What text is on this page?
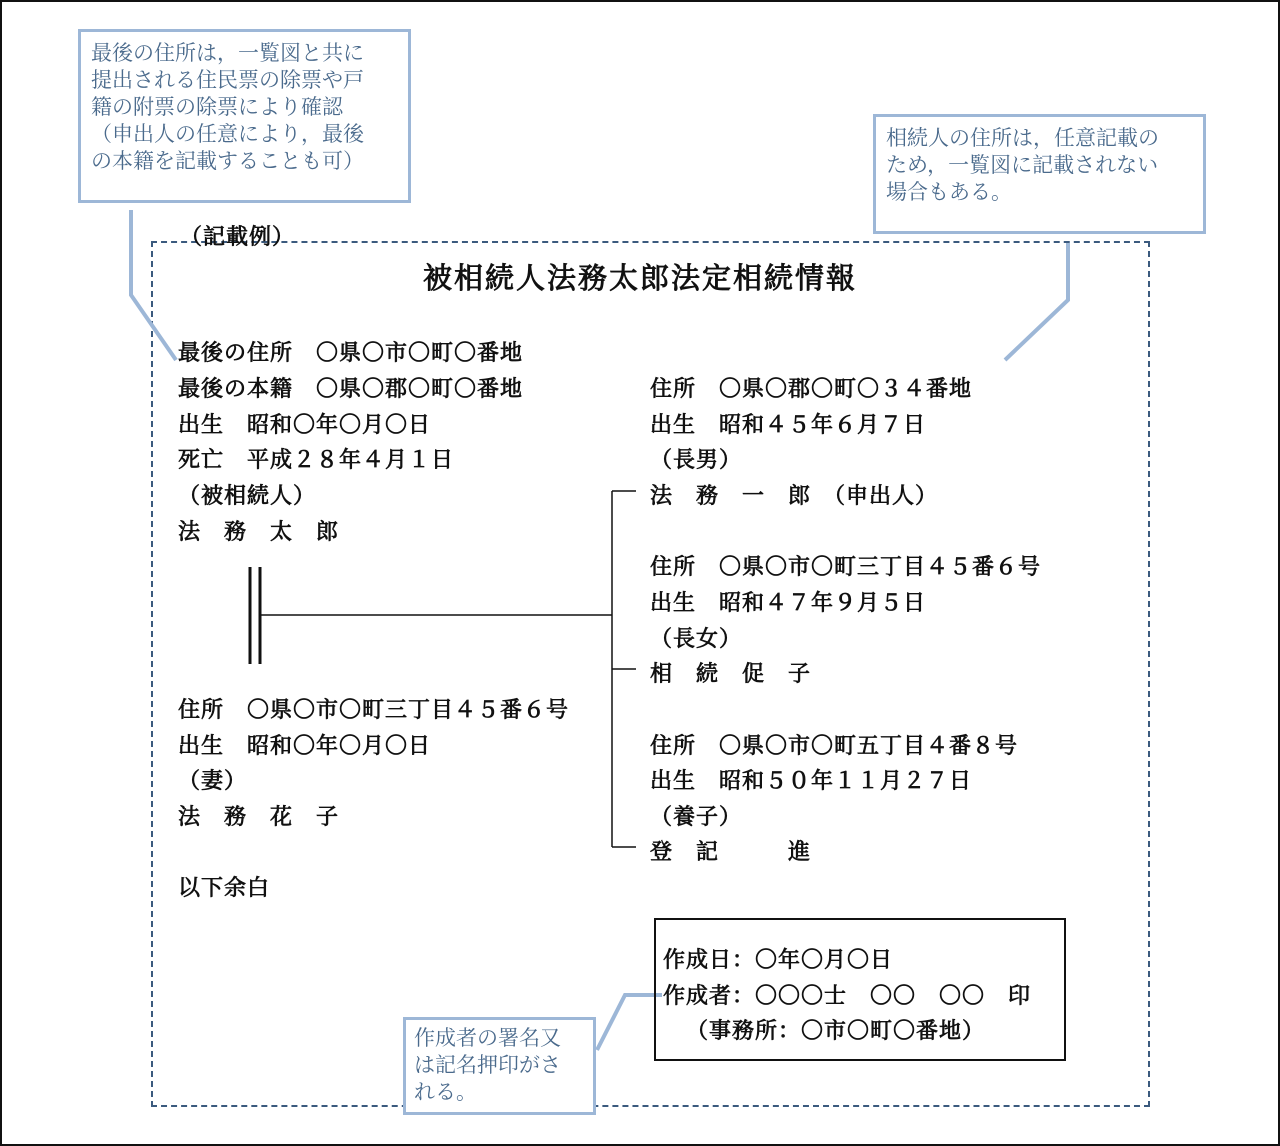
最後の住所は，一覧図と共に
提出される住民票の除票や戸
籍の附票の除票により確認
（申出人の任意により，最後
の本籍を記載することも可）
相続人の住所は，任意記載の
ため，一覧図に記載されない
場合もある。
作成者の署名又
は記名押印がさ
れる。
（記載例）
被相続人法務太郎法定相続情報
最後の住所　〇県〇市〇町〇番地
最後の本籍　〇県〇郡〇町〇番地
出生　昭和〇年〇月〇日
死亡　平成２８年４月１日
（被相続人）
法　務　太　郎
住所　〇県〇市〇町三丁目４５番６号
出生　昭和〇年〇月〇日
（妻）
法　務　花　子
以下余白
住所　〇県〇郡〇町〇３４番地
出生　昭和４５年６月７日
（長男）
法　務　一　郎　（申出人）
住所　〇県〇市〇町三丁目４５番６号
出生　昭和４７年９月５日
（長女）
相　続　促　子
住所　〇県〇市〇町五丁目４番８号
出生　昭和５０年１１月２７日
（養子）
登　記　　　進
作成日：〇年〇月〇日
作成者：〇〇〇士　〇〇　〇〇　印
（事務所：〇市〇町〇番地）
